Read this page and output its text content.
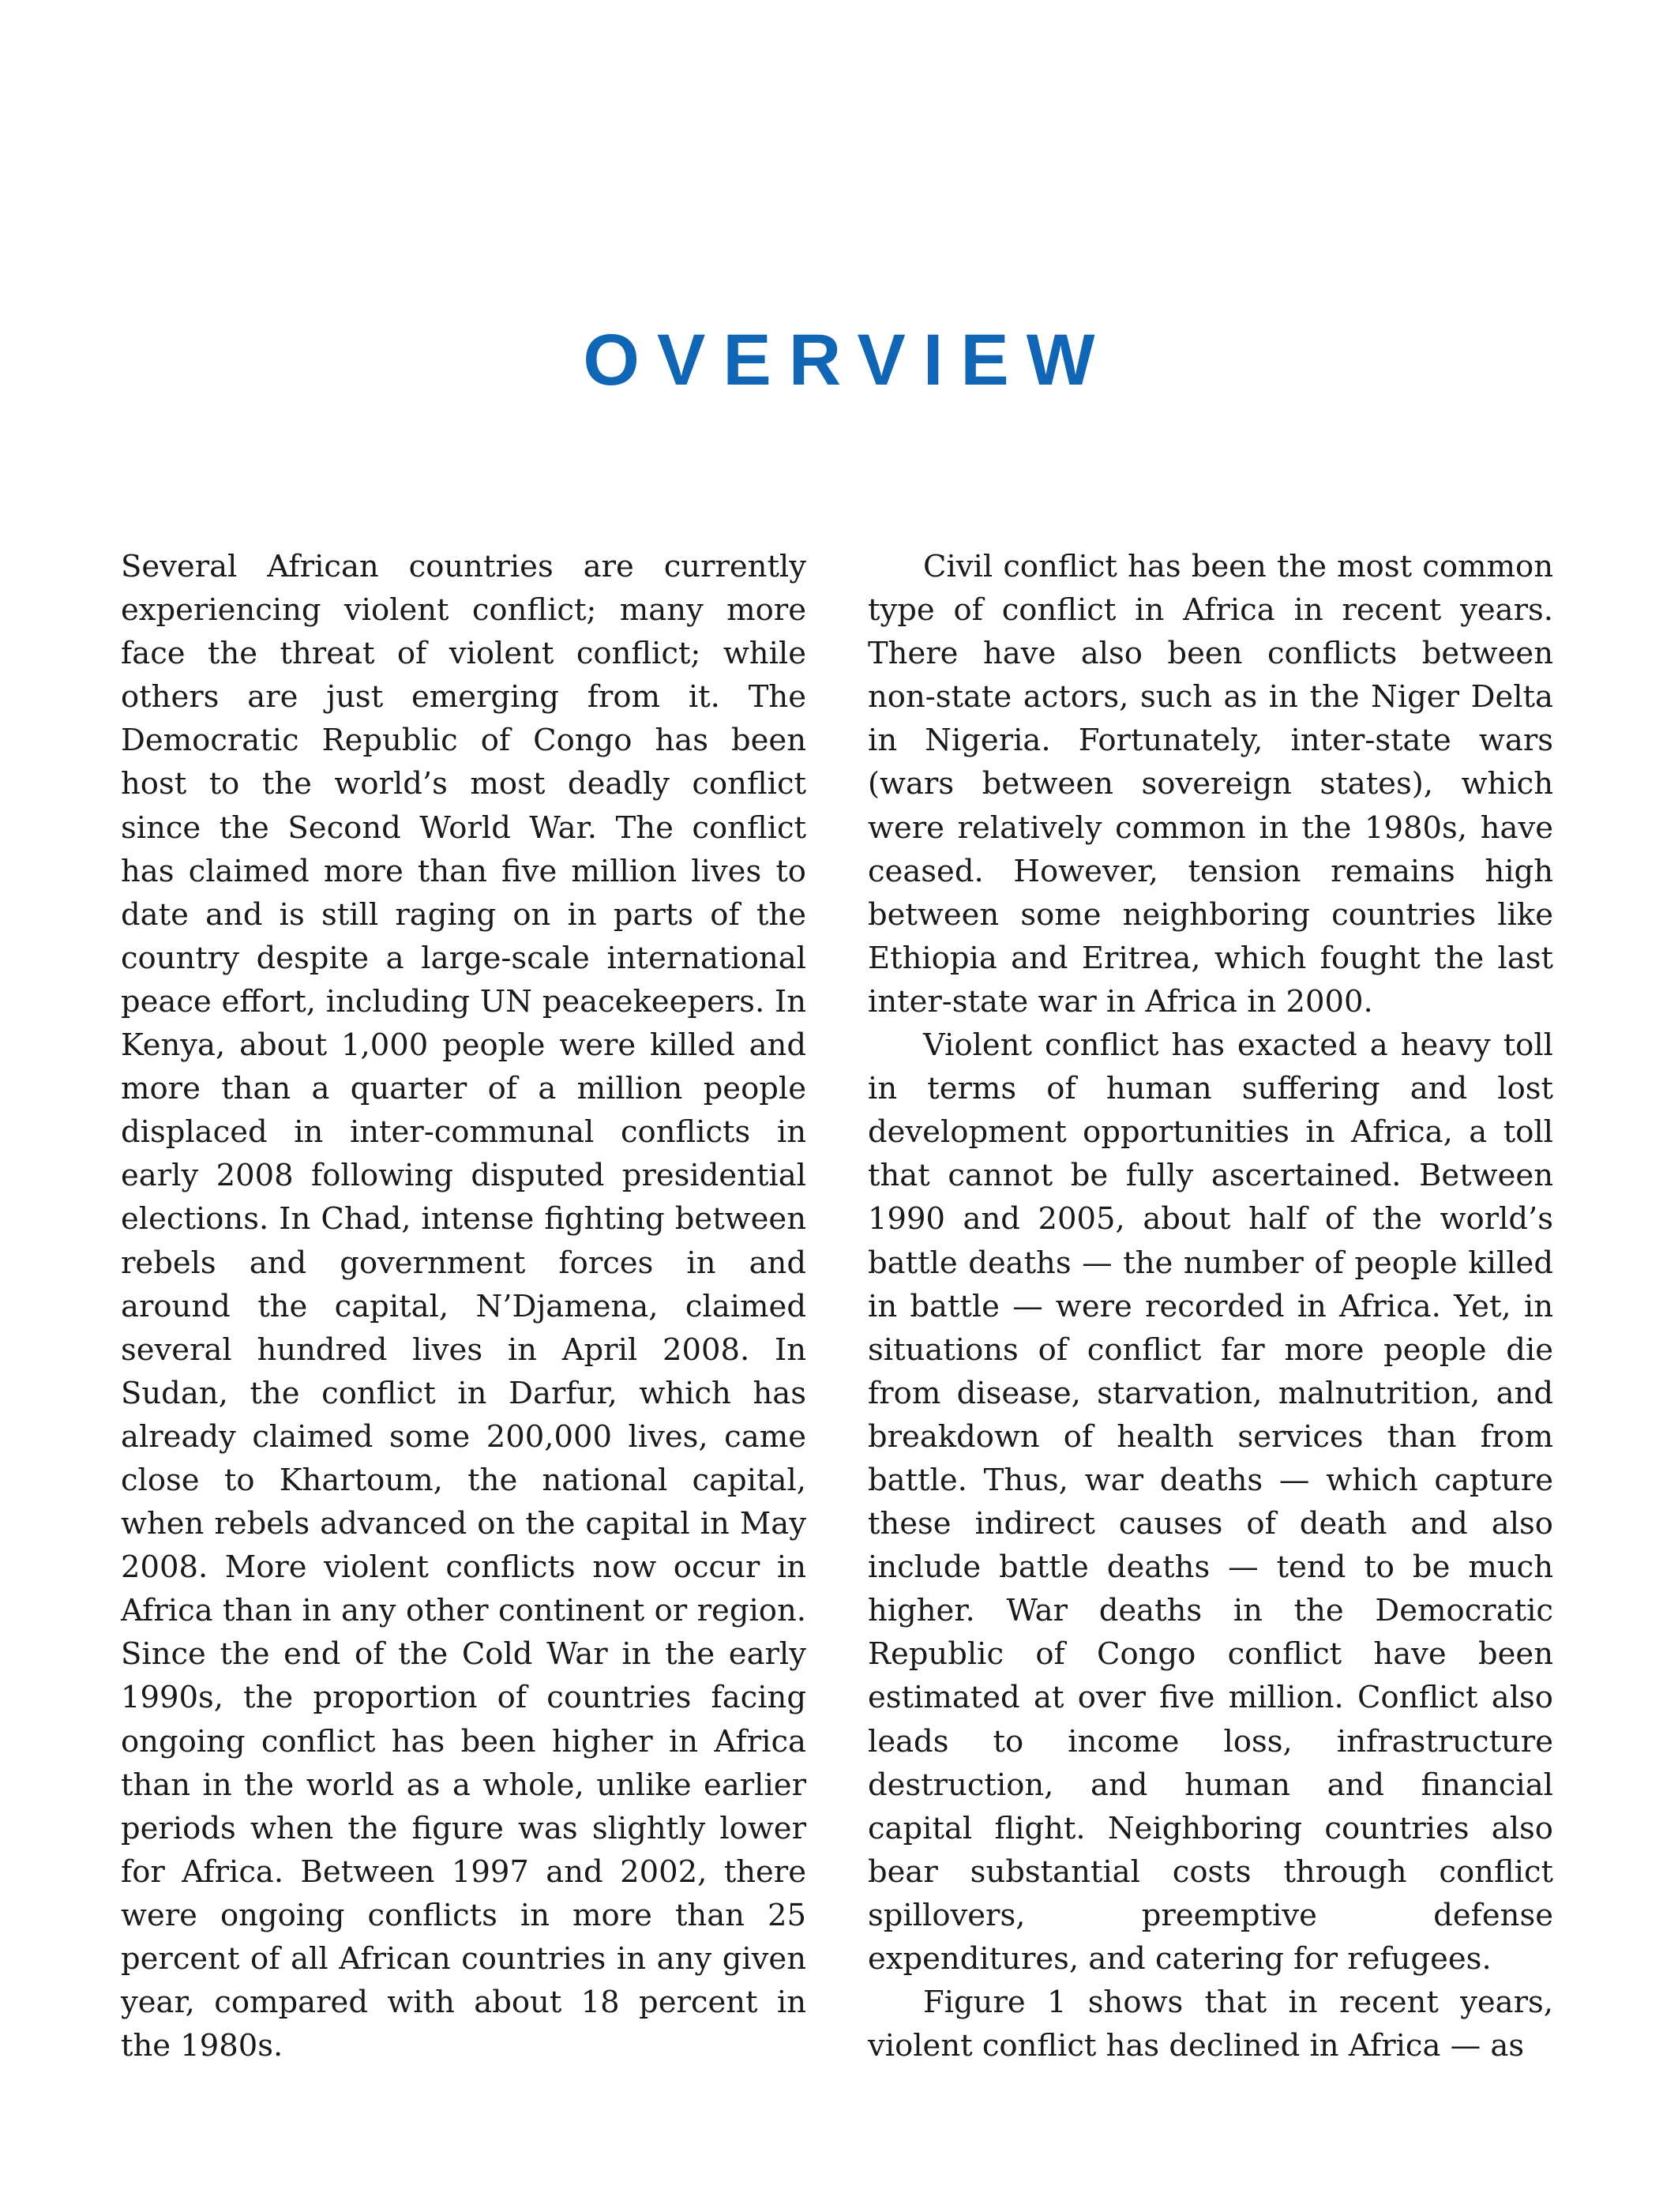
OVERVIEW

Several African countries are currently experiencing violent conflict; many more face the threat of violent conflict; while others are just emerging from it. The Democratic Republic of Congo has been host to the world’s most deadly conflict since the Second World War. The conflict has claimed more than five million lives to date and is still raging on in parts of the country despite a large-scale international peace effort, including UN peacekeepers. In Kenya, about 1,000 people were killed and more than a quarter of a million people displaced in inter-communal conflicts in early 2008 following disputed presidential elections. In Chad, intense fighting between rebels and government forces in and around the capital, N’Djamena, claimed several hundred lives in April 2008. In Sudan, the conflict in Darfur, which has already claimed some 200,000 lives, came close to Khartoum, the national capital, when rebels advanced on the capital in May 2008. More violent conflicts now occur in Africa than in any other continent or region. Since the end of the Cold War in the early 1990s, the proportion of countries facing ongoing conflict has been higher in Africa than in the world as a whole, unlike earlier periods when the figure was slightly lower for Africa. Between 1997 and 2002, there were ongoing conflicts in more than 25 percent of all African countries in any given year, compared with about 18 percent in the 1980s.

Civil conflict has been the most common type of conflict in Africa in recent years. There have also been conflicts between non-state actors, such as in the Niger Delta in Nigeria. Fortunately, inter-state wars (wars between sovereign states), which were relatively common in the 1980s, have ceased. However, tension remains high between some neighboring countries like Ethiopia and Eritrea, which fought the last inter-state war in Africa in 2000.

Violent conflict has exacted a heavy toll in terms of human suffering and lost development opportunities in Africa, a toll that cannot be fully ascertained. Between 1990 and 2005, about half of the world’s battle deaths — the number of people killed in battle — were recorded in Africa. Yet, in situations of conflict far more people die from disease, starvation, malnutrition, and breakdown of health services than from battle. Thus, war deaths — which capture these indirect causes of death and also include battle deaths — tend to be much higher. War deaths in the Democratic Republic of Congo conflict have been estimated at over five million. Conflict also leads to income loss, infrastructure destruction, and human and financial capital flight. Neighboring countries also bear substantial costs through conflict spillovers, preemptive defense expenditures, and catering for refugees.

Figure 1 shows that in recent years, violent conflict has declined in Africa — as
